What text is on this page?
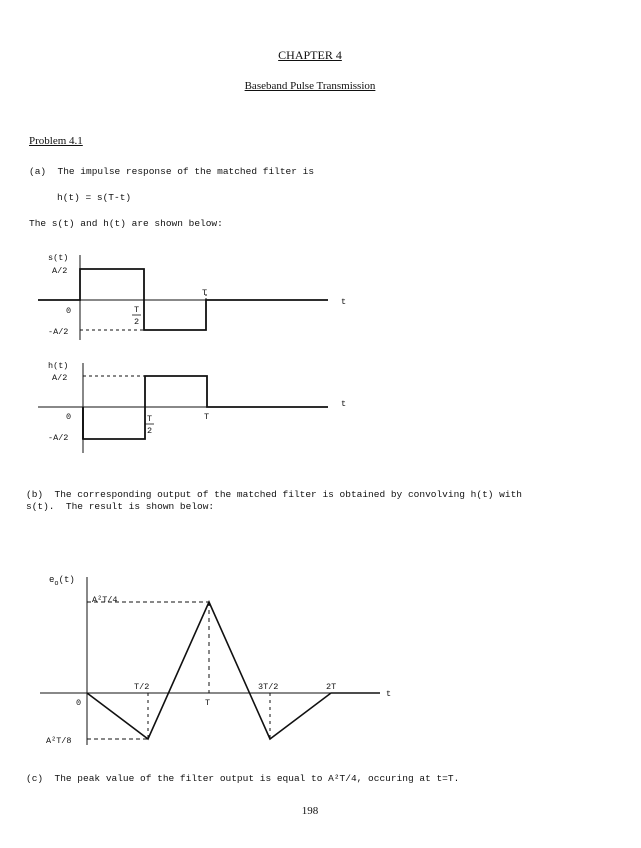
CHAPTER 4
Baseband Pulse Transmission
Problem 4.1
(a)  The impulse response of the matched filter is
h(t) = s(T-t)
The s(t) and h(t) are shown below:
s(t)
A/2
0
-A/2
T
T
2
t
h(t)
A/2
0
-A/2
T
T
2
t
(b)  The corresponding output of the matched filter is obtained by convolving h(t) with
s(t).  The result is shown below:
$e_o(t)$
A²T/4
A²T/8
0
T/2
T
3T/2	2T
t
(c)  The peak value of the filter output is equal to A²T/4, occuring at t=T.
198
